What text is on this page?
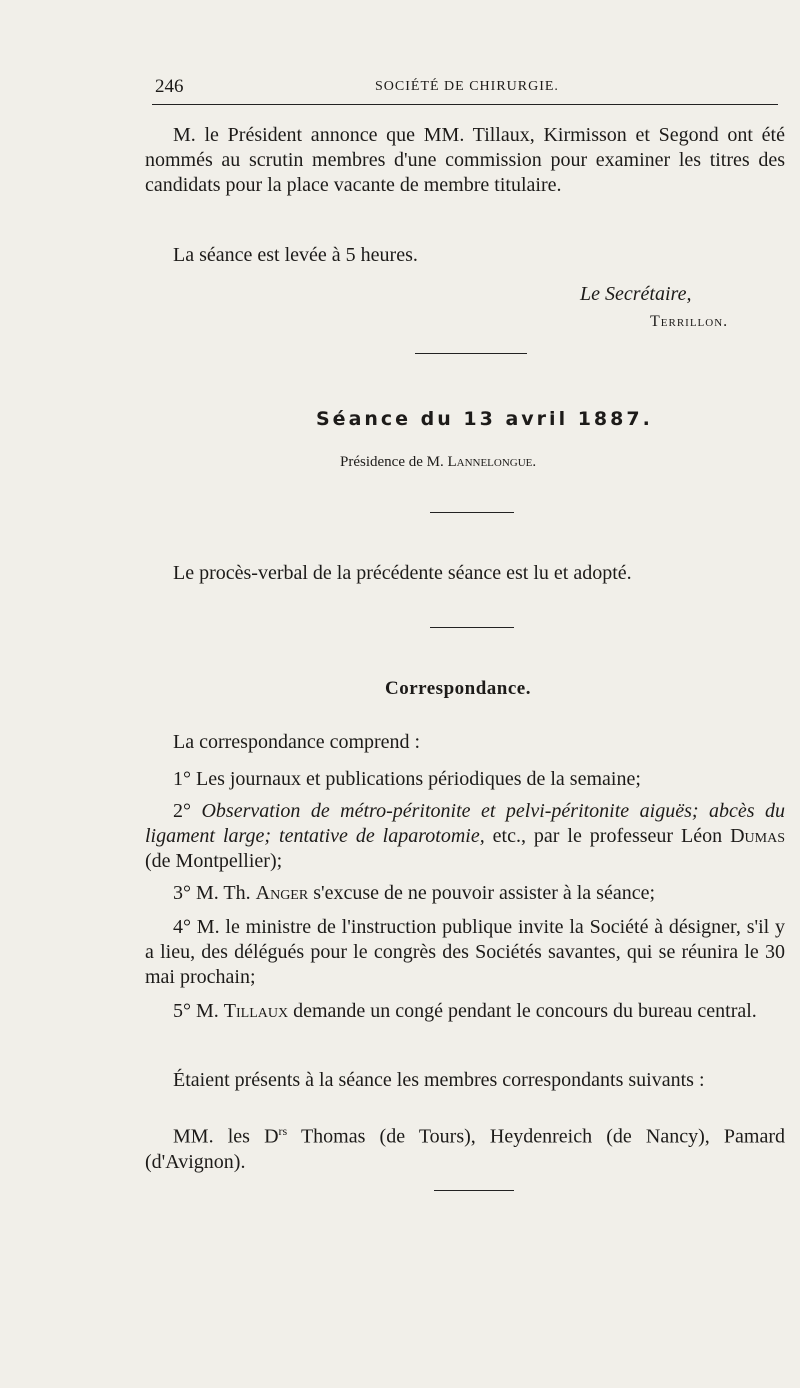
246	SOCIÉTÉ DE CHIRURGIE.

M. le Président annonce que MM. Tillaux, Kirmisson et Segond ont été nommés au scrutin membres d'une commission pour examiner les titres des candidats pour la place vacante de membre titulaire.

La séance est levée à 5 heures.

Le Secrétaire,
Terrillon.
Séance du 13 avril 1887.
Présidence de M. Lannelongue.

Le procès-verbal de la précédente séance est lu et adopté.

Correspondance.

La correspondance comprend :

1° Les journaux et publications périodiques de la semaine;

2° Observation de métro-péritonite et pelvi-péritonite aiguës; abcès du ligament large; tentative de laparotomie, etc., par le professeur Léon Dumas (de Montpellier);

3° M. Th. Anger s'excuse de ne pouvoir assister à la séance;

4° M. le ministre de l'instruction publique invite la Société à désigner, s'il y a lieu, des délégués pour le congrès des Sociétés savantes, qui se réunira le 30 mai prochain;

5° M. Tillaux demande un congé pendant le concours du bureau central.

Étaient présents à la séance les membres correspondants suivants :

MM. les $D^{rs}$ Thomas (de Tours), Heydenreich (de Nancy), Pamard (d'Avignon).
